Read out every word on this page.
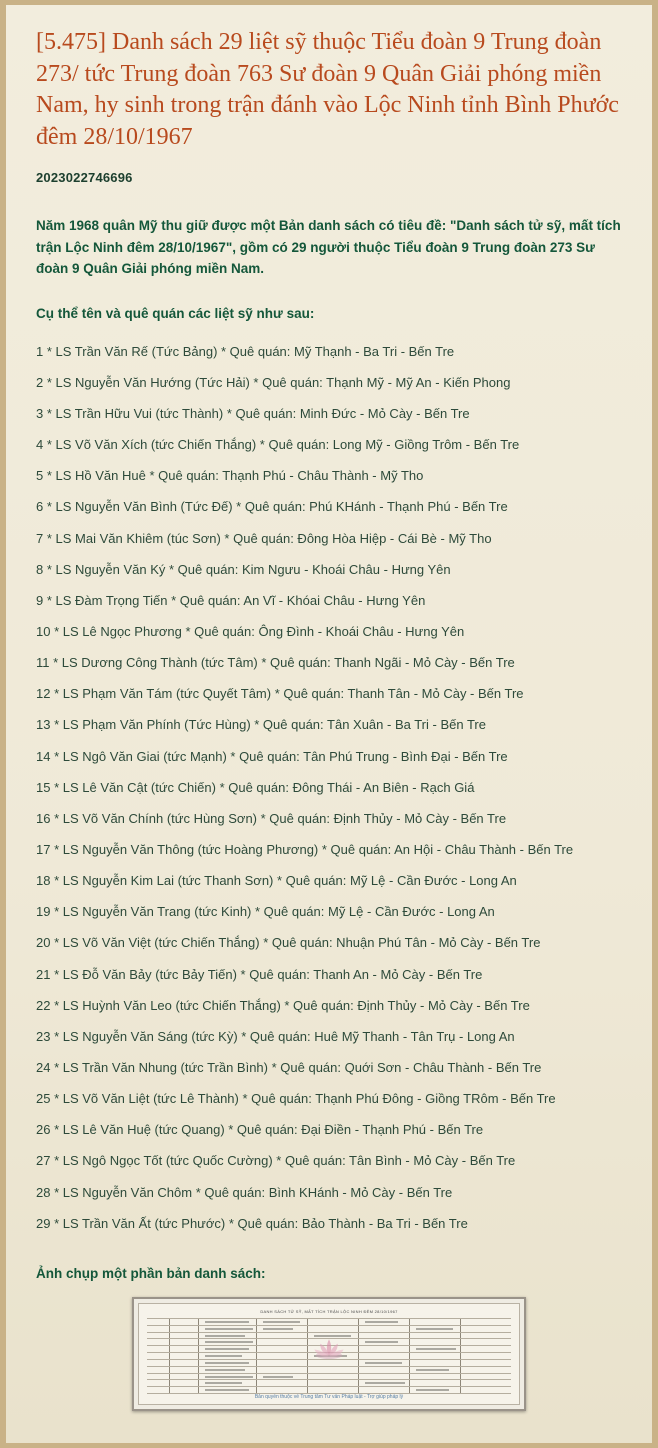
[5.475] Danh sách 29 liệt sỹ thuộc Tiểu đoàn 9 Trung đoàn 273/ tức Trung đoàn 763 Sư đoàn 9 Quân Giải phóng miền Nam, hy sinh trong trận đánh vào Lộc Ninh tỉnh Bình Phước đêm 28/10/1967
2023022746696

Năm 1968 quân Mỹ thu giữ được một Bản danh sách có tiêu đề: "Danh sách tử sỹ, mất tích trận Lộc Ninh đêm 28/10/1967", gồm có 29 người thuộc Tiểu đoàn 9 Trung đoàn 273 Sư đoàn 9 Quân Giải phóng miền Nam.

Cụ thể tên và quê quán các liệt sỹ như sau:

1 * LS Trần Văn Rế (Tức Bảng) * Quê quán: Mỹ Thạnh - Ba Tri - Bến Tre
2 * LS Nguyễn Văn Hướng (Tức Hải) * Quê quán: Thạnh Mỹ - Mỹ An - Kiến Phong
3 * LS Trần Hữu Vui (tức Thành) * Quê quán: Minh Đức - Mỏ Cày - Bến Tre
4 * LS Võ Văn Xích (tức Chiến Thắng) * Quê quán: Long Mỹ - Giồng Trôm - Bến Tre
5 * LS Hồ Văn Huê * Quê quán: Thạnh Phú - Châu Thành - Mỹ Tho
6 * LS Nguyễn Văn Bình (Tức Đế) * Quê quán: Phú KHánh - Thạnh Phú - Bến Tre
7 * LS Mai Văn Khiêm (túc Sơn) * Quê quán: Đông Hòa Hiệp - Cái Bè - Mỹ Tho
8 * LS Nguyễn Văn Ký * Quê quán: Kim Ngưu - Khoái Châu - Hưng Yên
9 * LS Đàm Trọng Tiến * Quê quán: An Vĩ - Khóai Châu - Hưng Yên
10 * LS Lê Ngọc Phương * Quê quán: Ông Đình - Khoái Châu - Hưng Yên
11 * LS Dương Công Thành (tức Tâm) * Quê quán: Thanh Ngãi - Mỏ Cày - Bến Tre
12 * LS Phạm Văn Tám (tức Quyết Tâm) * Quê quán: Thanh Tân - Mỏ Cày - Bến Tre
13 * LS Phạm Văn Phính (Tức Hùng) * Quê quán: Tân Xuân - Ba Tri - Bến Tre
14 * LS Ngô Văn Giai (tức Mạnh) * Quê quán: Tân Phú Trung - Bình Đại - Bến Tre
15 * LS Lê Văn Cật (tức Chiến) * Quê quán: Đông Thái - An Biên - Rạch Giá
16 * LS Võ Văn Chính (tức Hùng Sơn) * Quê quán: Định Thủy - Mỏ Cày - Bến Tre
17 * LS Nguyễn Văn Thông (tức Hoàng Phương) * Quê quán: An Hội - Châu Thành - Bến Tre
18 * LS Nguyễn Kim Lai (tức Thanh Sơn) * Quê quán: Mỹ Lệ - Cần Đước - Long An
19 * LS Nguyễn Văn Trang (tức Kinh) * Quê quán: Mỹ Lệ - Cần Đước - Long An
20 * LS Võ Văn Việt (tức Chiến Thắng) * Quê quán: Nhuận Phú Tân - Mỏ Cày - Bến Tre
21 * LS Đỗ Văn Bảy (tức Bảy Tiến) * Quê quán: Thanh An - Mỏ Cày - Bến Tre
22 * LS Huỳnh Văn Leo (tức Chiến Thắng) * Quê quán: Định Thủy - Mỏ Cày - Bến Tre
23 * LS Nguyễn Văn Sáng (tức Kỳ) * Quê quán: Huê Mỹ Thanh - Tân Trụ - Long An
24 * LS Trần Văn Nhung (tức Trần Bình) * Quê quán: Quới Sơn - Châu Thành - Bến Tre
25 * LS Võ Văn Liệt (tức Lê Thành) * Quê quán: Thạnh Phú Đông - Giồng TRôm - Bến Tre
26 * LS Lê Văn Huệ (tức Quang) * Quê quán: Đại Điền - Thạnh Phú - Bến Tre
27 * LS Ngô Ngọc Tốt (tức Quốc Cường) * Quê quán: Tân Bình - Mỏ Cày - Bến Tre
28 * LS Nguyễn Văn Chôm * Quê quán: Bình KHánh - Mỏ Cày - Bến Tre
29 * LS Trần Văn Ất (tức Phước) * Quê quán: Bảo Thành - Ba Tri - Bến Tre

Ảnh chụp một phần bản danh sách:

DANH SÁCH TỬ SỸ, MẤT TÍCH TRẬN LỘC NINH ĐÊM 28/10/1967
Bản quyền thuộc về Trung tâm Tư vấn Pháp luật - Trợ giúp pháp lý
